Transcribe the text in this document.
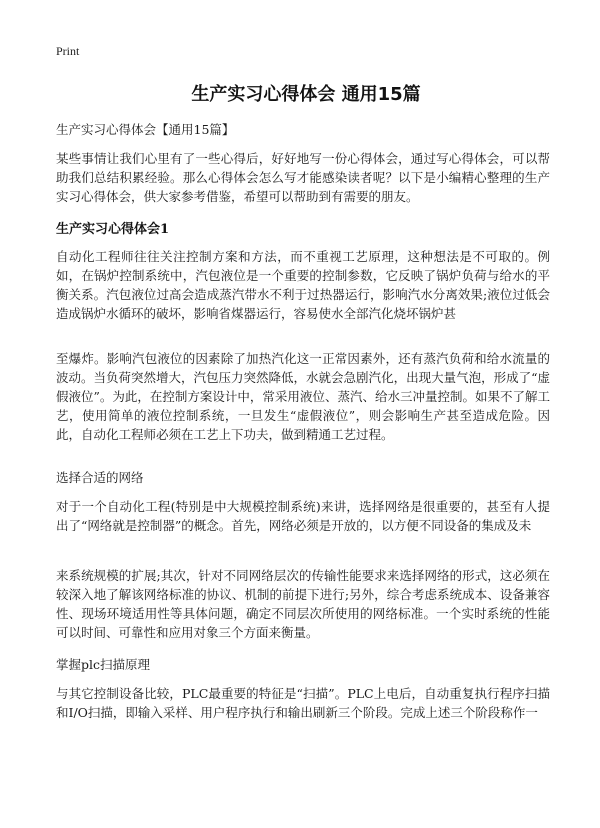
Print
生产实习心得体会 通用15篇

生产实习心得体会【通用15篇】

某些事情让我们心里有了一些心得后，好好地写一份心得体会，通过写心得体会，可以帮助我们总结积累经验。那么心得体会怎么写才能感染读者呢？以下是小编精心整理的生产实习心得体会，供大家参考借鉴，希望可以帮助到有需要的朋友。

生产实习心得体会1

自动化工程师往往关注控制方案和方法，而不重视工艺原理，这种想法是不可取的。例如，在锅炉控制系统中，汽包液位是一个重要的控制参数，它反映了锅炉负荷与给水的平衡关系。汽包液位过高会造成蒸汽带水不利于过热器运行，影响汽水分离效果;液位过低会造成锅炉水循环的破坏，影响省煤器运行，容易使水全部汽化烧坏锅炉甚

至爆炸。影响汽包液位的因素除了加热汽化这一正常因素外，还有蒸汽负荷和给水流量的波动。当负荷突然增大，汽包压力突然降低，水就会急剧汽化，出现大量气泡，形成了“虚假液位”。为此，在控制方案设计中，常采用液位、蒸汽、给水三冲量控制。如果不了解工艺，使用简单的液位控制系统，一旦发生“虚假液位”，则会影响生产甚至造成危险。因此，自动化工程师必须在工艺上下功夫，做到精通工艺过程。

选择合适的网络

对于一个自动化工程(特别是中大规模控制系统)来讲，选择网络是很重要的，甚至有人提出了“网络就是控制器”的概念。首先，网络必须是开放的，以方便不同设备的集成及未

来系统规模的扩展;其次，针对不同网络层次的传输性能要求来选择网络的形式，这必须在较深入地了解该网络标准的协议、机制的前提下进行;另外，综合考虑系统成本、设备兼容性、现场环境适用性等具体问题，确定不同层次所使用的网络标准。一个实时系统的性能可以时间、可靠性和应用对象三个方面来衡量。

掌握plc扫描原理

与其它控制设备比较，PLC最重要的特征是“扫描”。PLC上电后，自动重复执行程序扫描和I/O扫描，即输入采样、用户程序执行和输出刷新三个阶段。完成上述三个阶段称作一
